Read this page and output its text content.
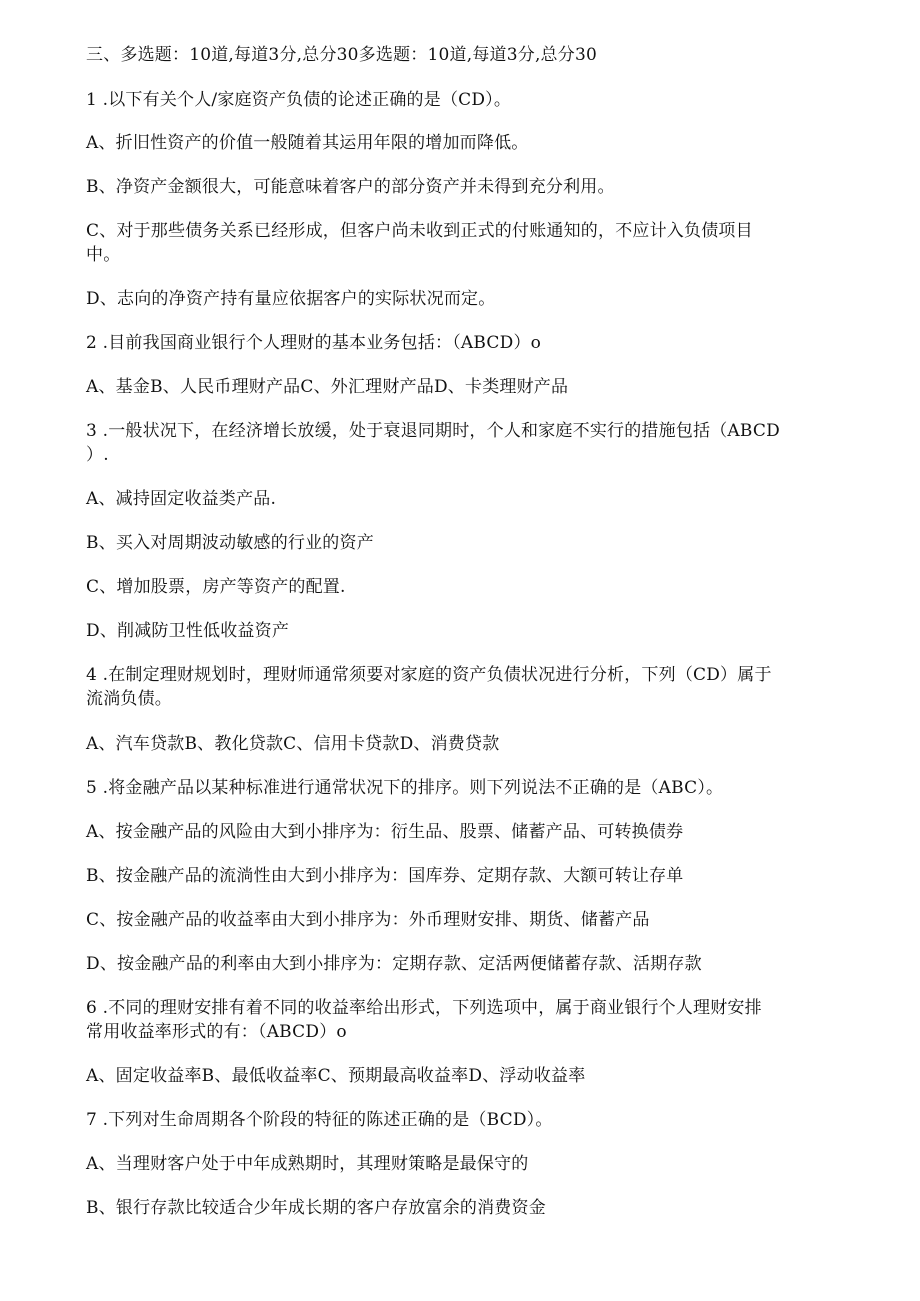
三、多选题：10道,每道3分,总分30多选题：10道,每道3分,总分30
1 .以下有关个人/家庭资产负债的论述正确的是（CD）。
A、折旧性资产的价值一般随着其运用年限的增加而降低。
B、净资产金额很大，可能意味着客户的部分资产并未得到充分利用。
C、对于那些债务关系已经形成，但客户尚未收到正式的付账通知的，不应计入负债项目
中。
D、志向的净资产持有量应依据客户的实际状况而定。
2 .目前我国商业银行个人理财的基本业务包括：（ABCD）o
A、基金B、人民币理财产品C、外汇理财产品D、卡类理财产品
3 .一般状况下，在经济增长放缓，处于衰退同期时，个人和家庭不实行的措施包括（ABCD
）.
A、减持固定收益类产品.
B、买入对周期波动敏感的行业的资产
C、增加股票，房产等资产的配置.
D、削减防卫性低收益资产
4 .在制定理财规划时，理财师通常须要对家庭的资产负债状况进行分析，下列（CD）属于
流淌负债。
A、汽车贷款B、教化贷款C、信用卡贷款D、消费贷款
5 .将金融产品以某种标准进行通常状况下的排序。则下列说法不正确的是（ABC）。
A、按金融产品的风险由大到小排序为：衍生品、股票、储蓄产品、可转换债券
B、按金融产品的流淌性由大到小排序为：国库券、定期存款、大额可转让存单
C、按金融产品的收益率由大到小排序为：外币理财安排、期货、储蓄产品
D、按金融产品的利率由大到小排序为：定期存款、定活两便储蓄存款、活期存款
6 .不同的理财安排有着不同的收益率给出形式，下列选项中，属于商业银行个人理财安排
常用收益率形式的有：（ABCD）o
A、固定收益率B、最低收益率C、预期最高收益率D、浮动收益率
7 .下列对生命周期各个阶段的特征的陈述正确的是（BCD）。
A、当理财客户处于中年成熟期时，其理财策略是最保守的
B、银行存款比较适合少年成长期的客户存放富余的消费资金
